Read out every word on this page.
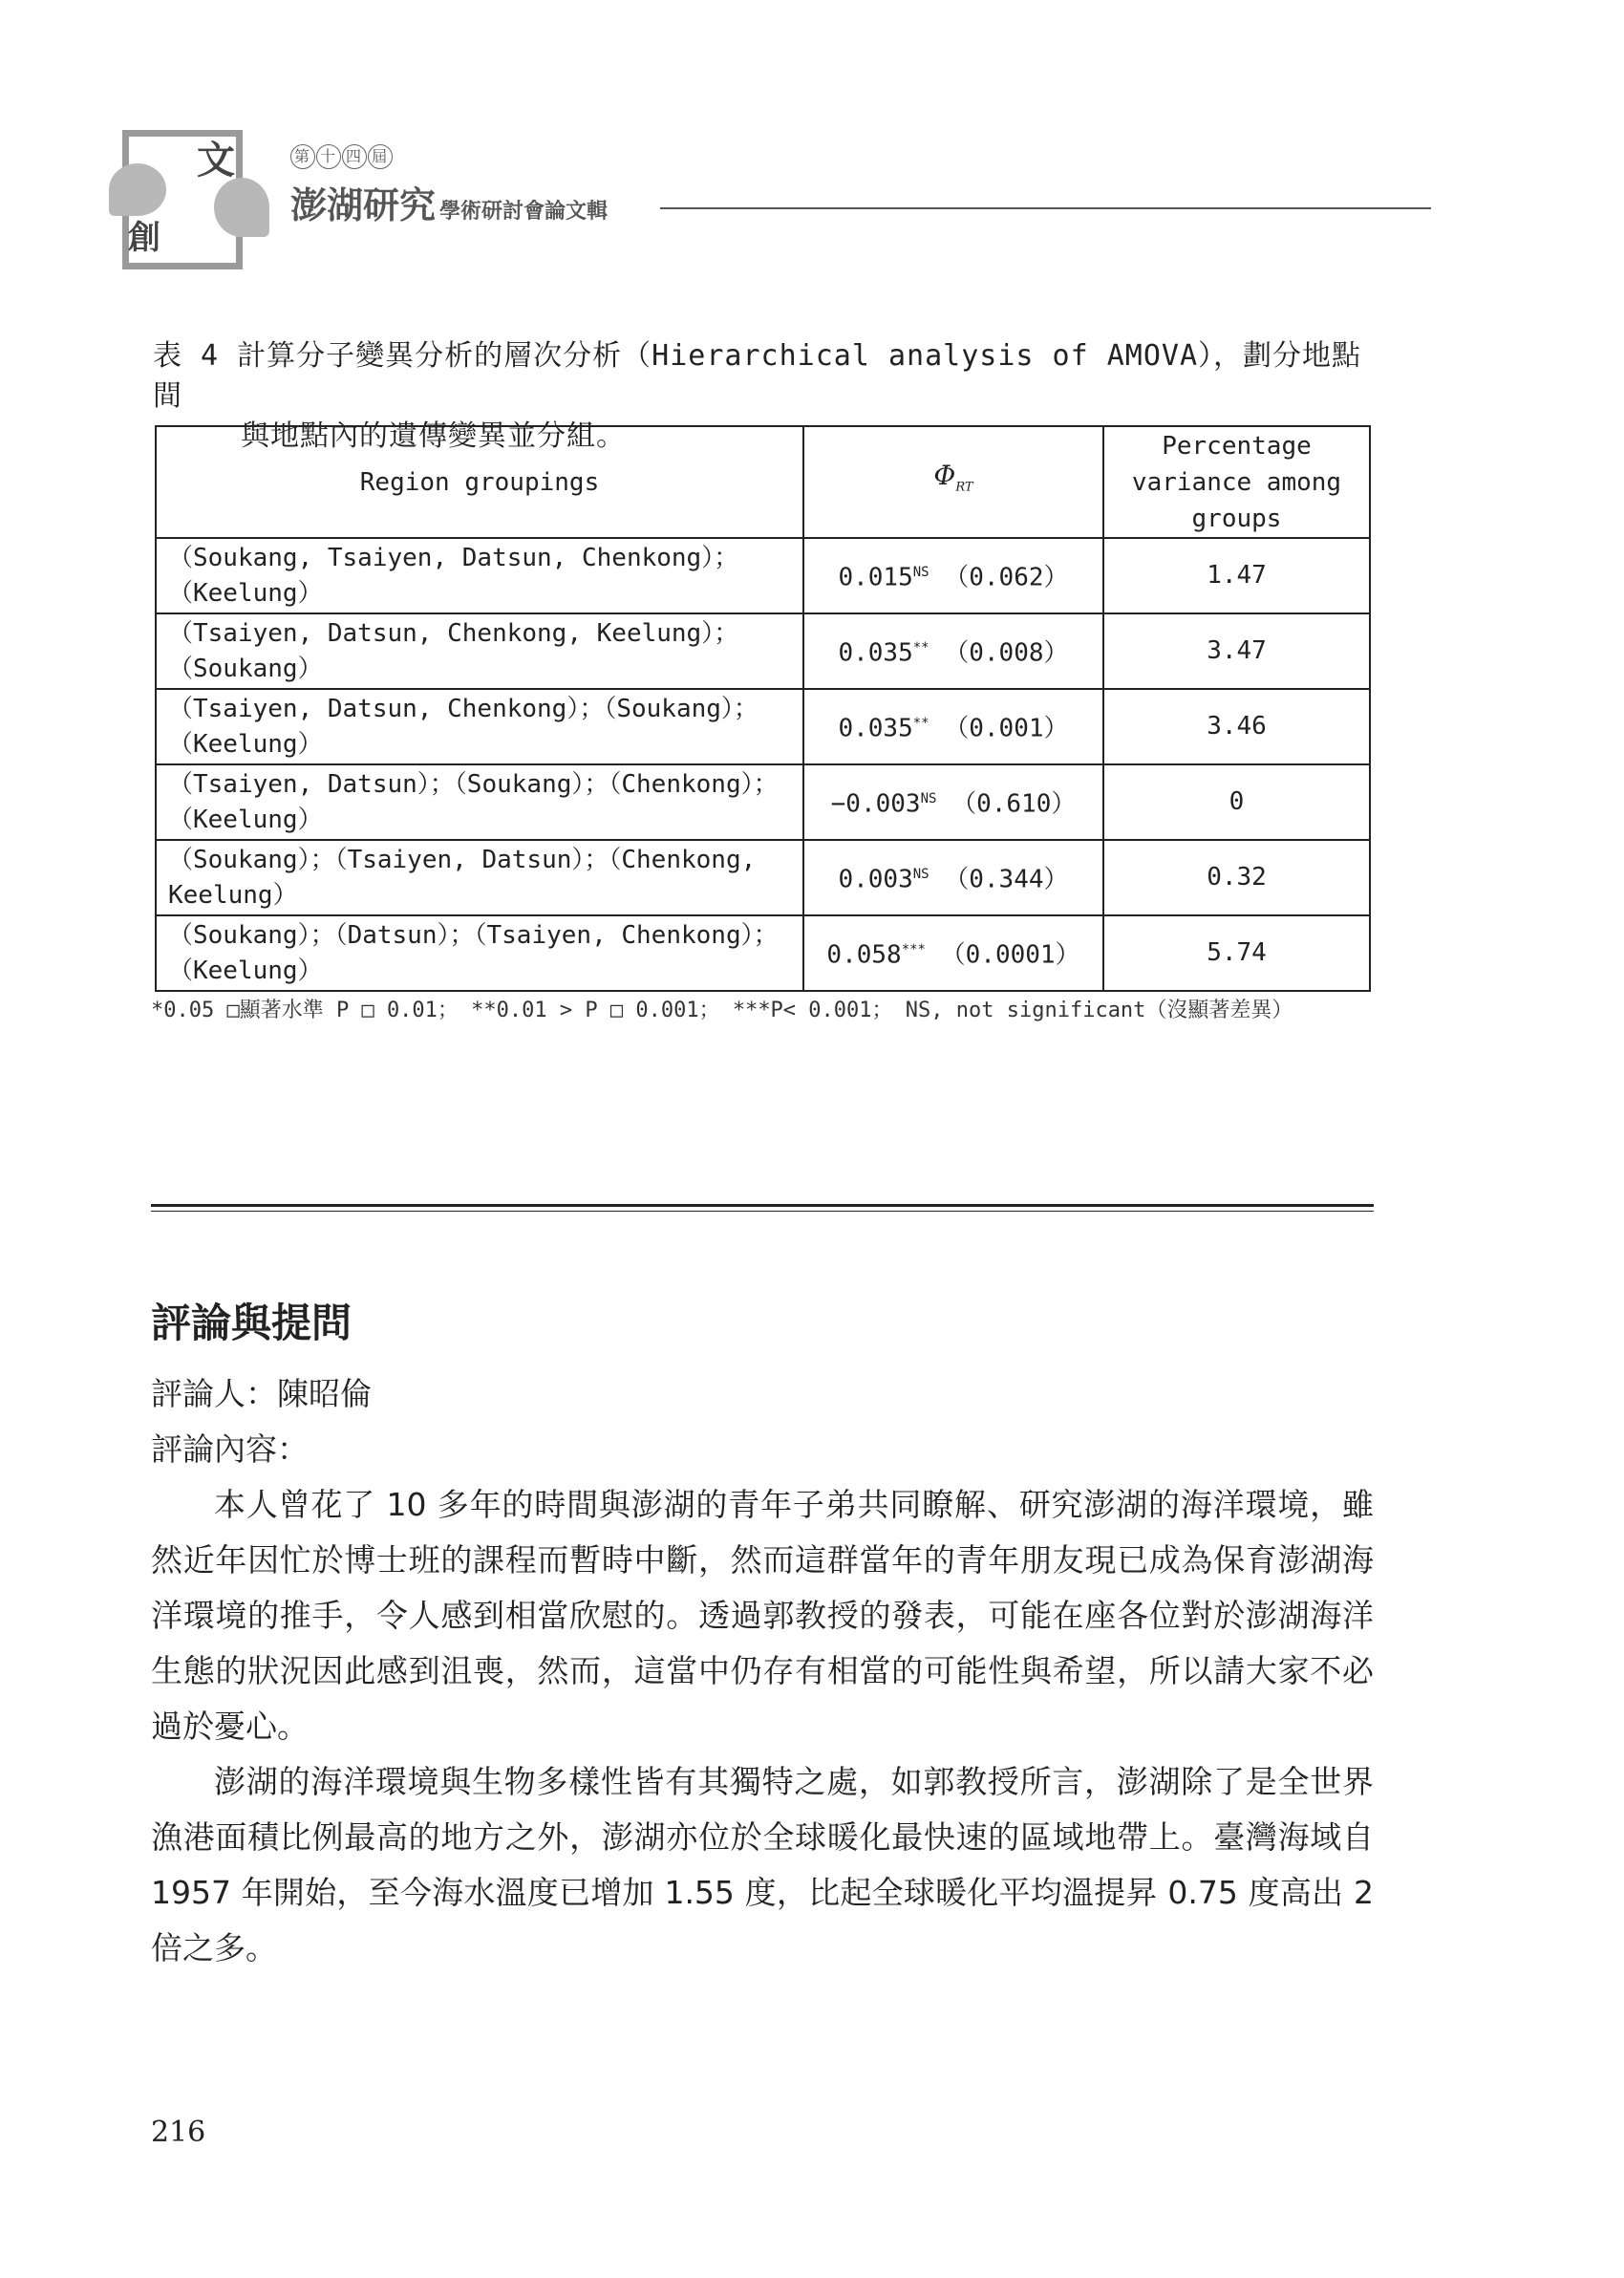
文
創
第 十 四 屆
澎湖研究 學術研討會論文輯
表 4 計算分子變異分析的層次分析（Hierarchical analysis of AMOVA），劃分地點間
與地點內的遺傳變異並分組。
Region groupings	$\Phi_{RT}$	Percentage variance among groups
（Soukang, Tsaiyen, Datsun, Chenkong）；（Keelung）	$0.015^{NS}$ （0.062）	1.47
（Tsaiyen, Datsun, Chenkong, Keelung）；（Soukang）	0.035** （0.008）	3.47
（Tsaiyen, Datsun, Chenkong）；（Soukang）；（Keelung）	0.035** （0.001）	3.46
（Tsaiyen, Datsun）；（Soukang）；（Chenkong）；（Keelung）	$-0.003^{NS}$ （0.610）	0
（Soukang）；（Tsaiyen, Datsun）；（Chenkong, Keelung）	$0.003^{NS}$ （0.344）	0.32
（Soukang）；（Datsun）；（Tsaiyen, Chenkong）；（Keelung）	0.058*** （0.0001）	5.74
*0.05 □顯著水準 P □ 0.01； **0.01 > P □ 0.001； ***P< 0.001； NS, not significant（沒顯著差異）
評論與提問
評論人：陳昭倫
評論內容：

本人曾花了 10 多年的時間與澎湖的青年子弟共同瞭解、研究澎湖的海洋環境，雖然近年因忙於博士班的課程而暫時中斷，然而這群當年的青年朋友現已成為保育澎湖海洋環境的推手，令人感到相當欣慰的。透過郭教授的發表，可能在座各位對於澎湖海洋生態的狀況因此感到沮喪，然而，這當中仍存有相當的可能性與希望，所以請大家不必過於憂心。

澎湖的海洋環境與生物多樣性皆有其獨特之處，如郭教授所言，澎湖除了是全世界漁港面積比例最高的地方之外，澎湖亦位於全球暖化最快速的區域地帶上。臺灣海域自 1957 年開始，至今海水溫度已增加 1.55 度，比起全球暖化平均溫提昇 0.75 度高出 2 倍之多。

216
